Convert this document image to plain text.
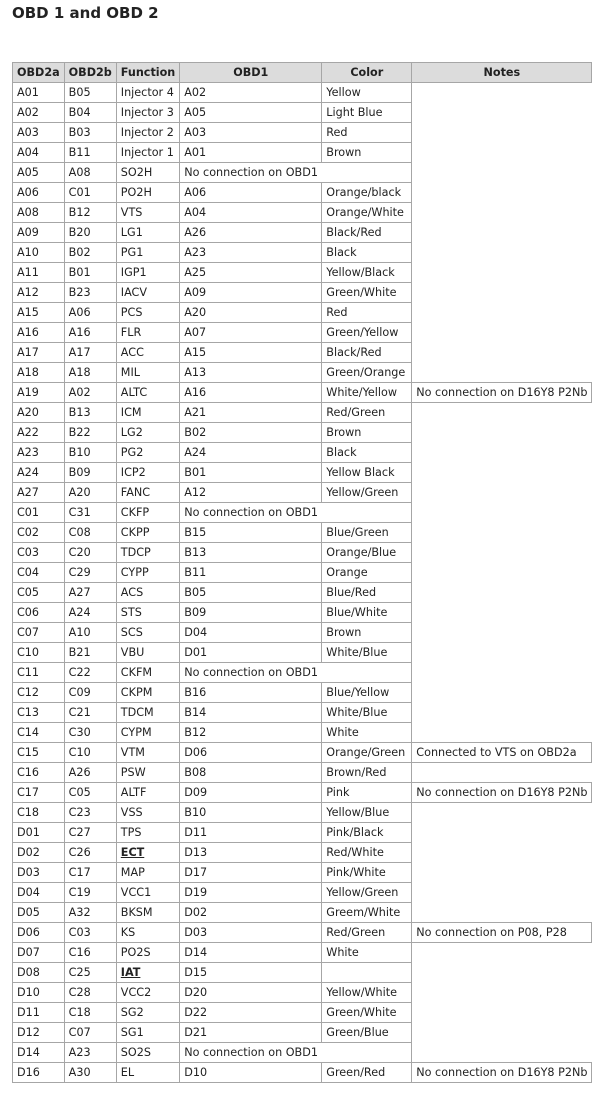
OBD 1 and OBD 2
OBD2a	OBD2b	Function	OBD1	Color	Notes
A01	B05	Injector 4	A02	Yellow	
A02	B04	Injector 3	A05	Light Blue	
A03	B03	Injector 2	A03	Red	
A04	B11	Injector 1	A01	Brown	
A05	A08	SO2H	No connection on OBD1		
A06	C01	PO2H	A06	Orange/black	
A08	B12	VTS	A04	Orange/White	
A09	B20	LG1	A26	Black/Red	
A10	B02	PG1	A23	Black	
A11	B01	IGP1	A25	Yellow/Black	
A12	B23	IACV	A09	Green/White	
A15	A06	PCS	A20	Red	
A16	A16	FLR	A07	Green/Yellow	
A17	A17	ACC	A15	Black/Red	
A18	A18	MIL	A13	Green/Orange	
A19	A02	ALTC	A16	White/Yellow	No connection on D16Y8 P2Nb
A20	B13	ICM	A21	Red/Green	
A22	B22	LG2	B02	Brown	
A23	B10	PG2	A24	Black	
A24	B09	ICP2	B01	Yellow Black	
A27	A20	FANC	A12	Yellow/Green	
C01	C31	CKFP	No connection on OBD1		
C02	C08	CKPP	B15	Blue/Green	
C03	C20	TDCP	B13	Orange/Blue	
C04	C29	CYPP	B11	Orange	
C05	A27	ACS	B05	Blue/Red	
C06	A24	STS	B09	Blue/White	
C07	A10	SCS	D04	Brown	
C10	B21	VBU	D01	White/Blue	
C11	C22	CKFM	No connection on OBD1		
C12	C09	CKPM	B16	Blue/Yellow	
C13	C21	TDCM	B14	White/Blue	
C14	C30	CYPM	B12	White	
C15	C10	VTM	D06	Orange/Green	Connected to VTS on OBD2a
C16	A26	PSW	B08	Brown/Red	
C17	C05	ALTF	D09	Pink	No connection on D16Y8 P2Nb
C18	C23	VSS	B10	Yellow/Blue	
D01	C27	TPS	D11	Pink/Black	
D02	C26	ECT	D13	Red/White	
D03	C17	MAP	D17	Pink/White	
D04	C19	VCC1	D19	Yellow/Green	
D05	A32	BKSM	D02	Greem/White	
D06	C03	KS	D03	Red/Green	No connection on P08, P28
D07	C16	PO2S	D14	White	
D08	C25	IAT	D15		
D10	C28	VCC2	D20	Yellow/White	
D11	C18	SG2	D22	Green/White	
D12	C07	SG1	D21	Green/Blue	
D14	A23	SO2S	No connection on OBD1		
D16	A30	EL	D10	Green/Red	No connection on D16Y8 P2Nb
